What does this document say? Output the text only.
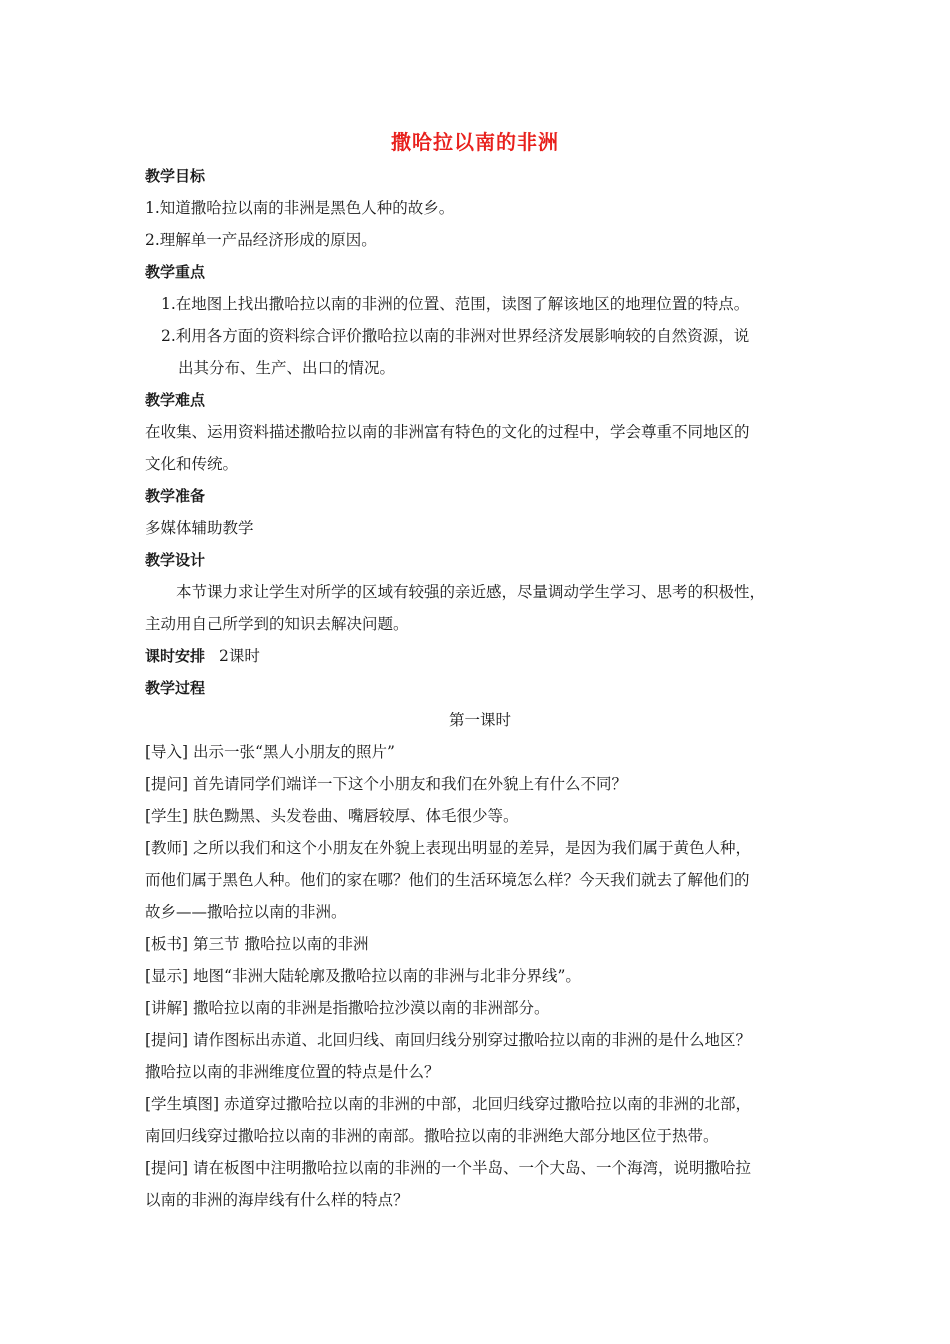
撒哈拉以南的非洲
教学目标
1.知道撒哈拉以南的非洲是黑色人种的故乡。
2.理解单一产品经济形成的原因。
教学重点
1.在地图上找出撒哈拉以南的非洲的位置、范围，读图了解该地区的地理位置的特点。
2.利用各方面的资料综合评价撒哈拉以南的非洲对世界经济发展影响较的自然资源，说
出其分布、生产、出口的情况。
教学难点
在收集、运用资料描述撒哈拉以南的非洲富有特色的文化的过程中，学会尊重不同地区的
文化和传统。
教学准备
多媒体辅助教学
教学设计
本节课力求让学生对所学的区域有较强的亲近感，尽量调动学生学习、思考的积极性，
主动用自己所学到的知识去解决问题。
课时安排 2课时
教学过程
第一课时
[导入] 出示一张“黑人小朋友的照片”
[提问] 首先请同学们端详一下这个小朋友和我们在外貌上有什么不同？
[学生] 肤色黝黑、头发卷曲、嘴唇较厚、体毛很少等。
[教师] 之所以我们和这个小朋友在外貌上表现出明显的差异，是因为我们属于黄色人种，
而他们属于黑色人种。他们的家在哪？他们的生活环境怎么样？今天我们就去了解他们的
故乡——撒哈拉以南的非洲。
[板书] 第三节 撒哈拉以南的非洲
[显示] 地图“非洲大陆轮廓及撒哈拉以南的非洲与北非分界线”。
[讲解] 撒哈拉以南的非洲是指撒哈拉沙漠以南的非洲部分。
[提问] 请作图标出赤道、北回归线、南回归线分别穿过撒哈拉以南的非洲的是什么地区？
撒哈拉以南的非洲维度位置的特点是什么？
[学生填图] 赤道穿过撒哈拉以南的非洲的中部，北回归线穿过撒哈拉以南的非洲的北部，
南回归线穿过撒哈拉以南的非洲的南部。撒哈拉以南的非洲绝大部分地区位于热带。
[提问] 请在板图中注明撒哈拉以南的非洲的一个半岛、一个大岛、一个海湾，说明撒哈拉
以南的非洲的海岸线有什么样的特点？
